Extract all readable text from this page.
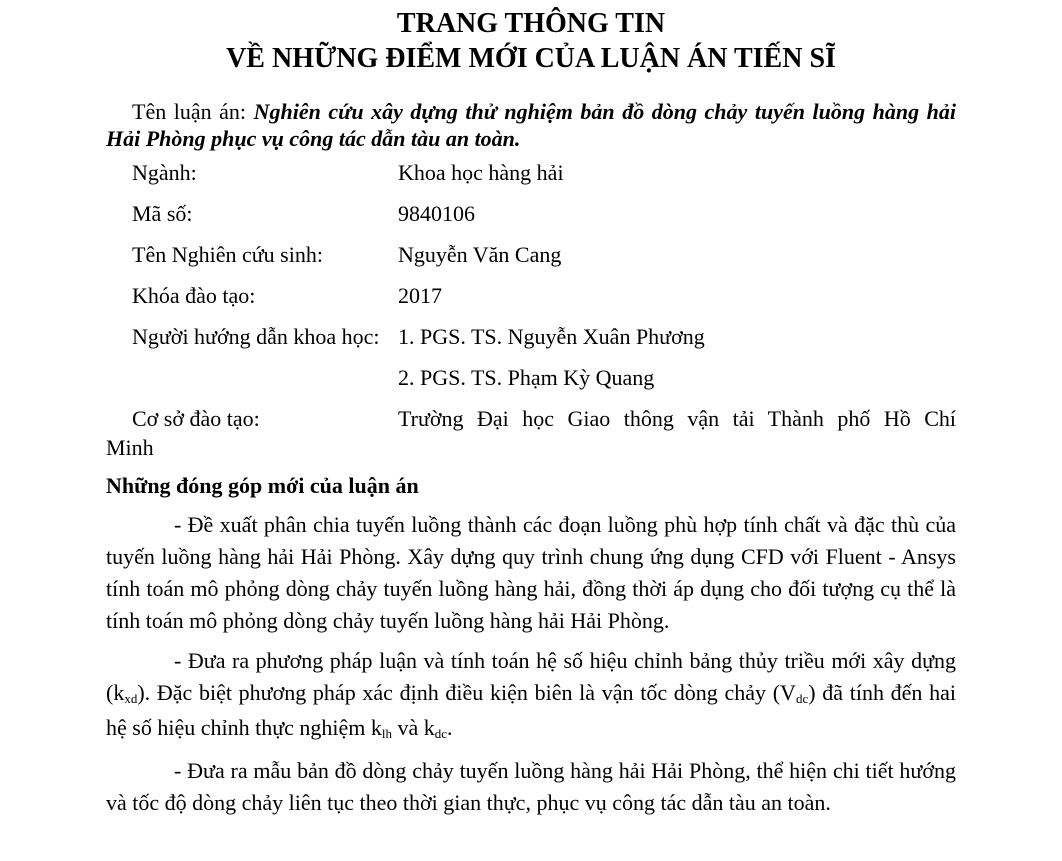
TRANG THÔNG TIN
VỀ NHỮNG ĐIỂM MỚI CỦA LUẬN ÁN TIẾN SĨ
Tên luận án: Nghiên cứu xây dựng thử nghiệm bản đồ dòng chảy tuyến luồng hàng hải Hải Phòng phục vụ công tác dẫn tàu an toàn.
Ngành:	Khoa học hàng hải
Mã số:	9840106
Tên Nghiên cứu sinh:	Nguyễn Văn Cang
Khóa đào tạo:	2017
Người hướng dẫn khoa học: 1. PGS. TS. Nguyễn Xuân Phương
2. PGS. TS. Phạm Kỳ Quang
Cơ sở đào tạo:	Trường Đại học Giao thông vận tải Thành phố Hồ Chí
Minh
Những đóng góp mới của luận án
- Đề xuất phân chia tuyến luồng thành các đoạn luồng phù hợp tính chất và đặc thù của tuyến luồng hàng hải Hải Phòng. Xây dựng quy trình chung ứng dụng CFD với Fluent - Ansys tính toán mô phỏng dòng chảy tuyến luồng hàng hải, đồng thời áp dụng cho đối tượng cụ thể là tính toán mô phỏng dòng chảy tuyến luồng hàng hải Hải Phòng.
- Đưa ra phương pháp luận và tính toán hệ số hiệu chỉnh bảng thủy triều mới xây dựng $(k_{xd})$. Đặc biệt phương pháp xác định điều kiện biên là vận tốc dòng chảy $(V_{dc})$ đã tính đến hai hệ số hiệu chỉnh thực nghiệm $k_{lh}$ và $k_{dc}$.
- Đưa ra mẫu bản đồ dòng chảy tuyến luồng hàng hải Hải Phòng, thể hiện chi tiết hướng và tốc độ dòng chảy liên tục theo thời gian thực, phục vụ công tác dẫn tàu an toàn.
